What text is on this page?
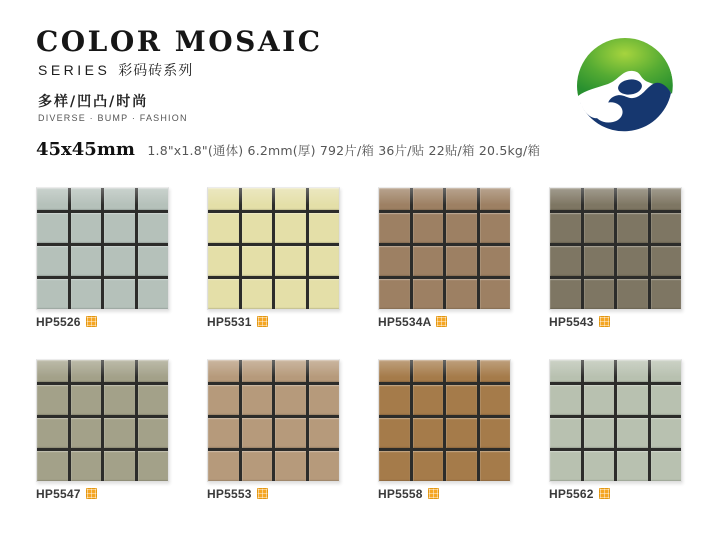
COLOR MOSAIC
SERIES 彩码砖系列
多样/凹凸/时尚
DIVERSE · BUMP · FASHION
45x45mm 1.8"x1.8"(通体) 6.2mm(厚) 792片/箱 36片/贴 22贴/箱 20.5kg/箱
HP5526	HP5531	HP5534A	HP5543
HP5547	HP5553	HP5558	HP5562
